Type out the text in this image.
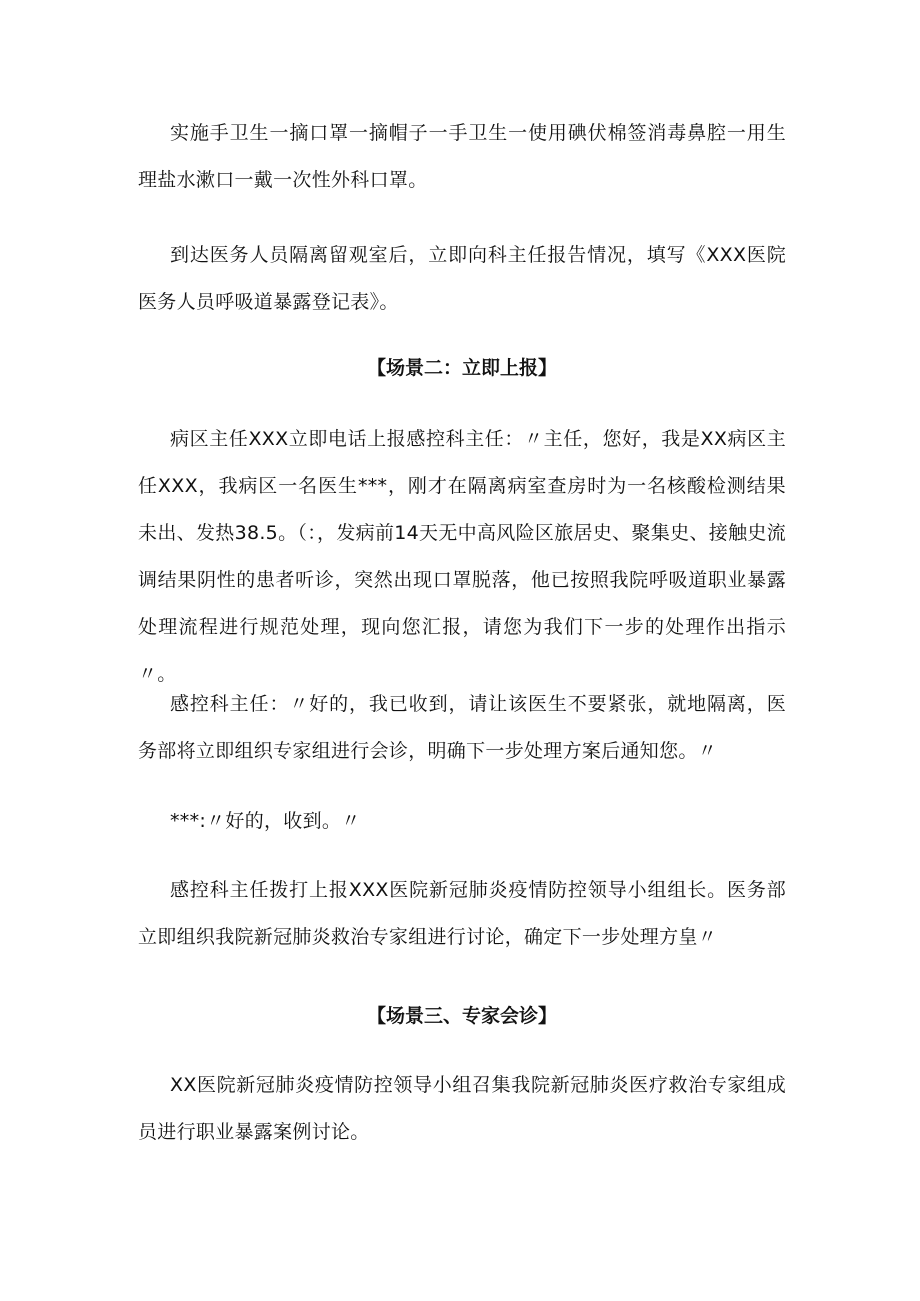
实施手卫生一摘口罩一摘帽子一手卫生一使用碘伏棉签消毒鼻腔一用生理盐水漱口一戴一次性外科口罩。

到达医务人员隔离留观室后，立即向科主任报告情况，填写《XXX医院医务人员呼吸道暴露登记表》。

【场景二：立即上报】

病区主任XXX立即电话上报感控科主任：〃主任，您好，我是XX病区主任XXX，我病区一名医生***，刚才在隔离病室查房时为一名核酸检测结果未出、发热38.5。（：，发病前14天无中高风险区旅居史、聚集史、接触史流调结果阴性的患者听诊，突然出现口罩脱落，他已按照我院呼吸道职业暴露处理流程进行规范处理，现向您汇报，请您为我们下一步的处理作出指示〃。

感控科主任：〃好的，我已收到，请让该医生不要紧张，就地隔离，医务部将立即组织专家组进行会诊，明确下一步处理方案后通知您。〃

***:〃好的，收到。〃

感控科主任拨打上报XXX医院新冠肺炎疫情防控领导小组组长。医务部立即组织我院新冠肺炎救治专家组进行讨论，确定下一步处理方皇〃

【场景三、专家会诊】

XX医院新冠肺炎疫情防控领导小组召集我院新冠肺炎医疗救治专家组成员进行职业暴露案例讨论。
